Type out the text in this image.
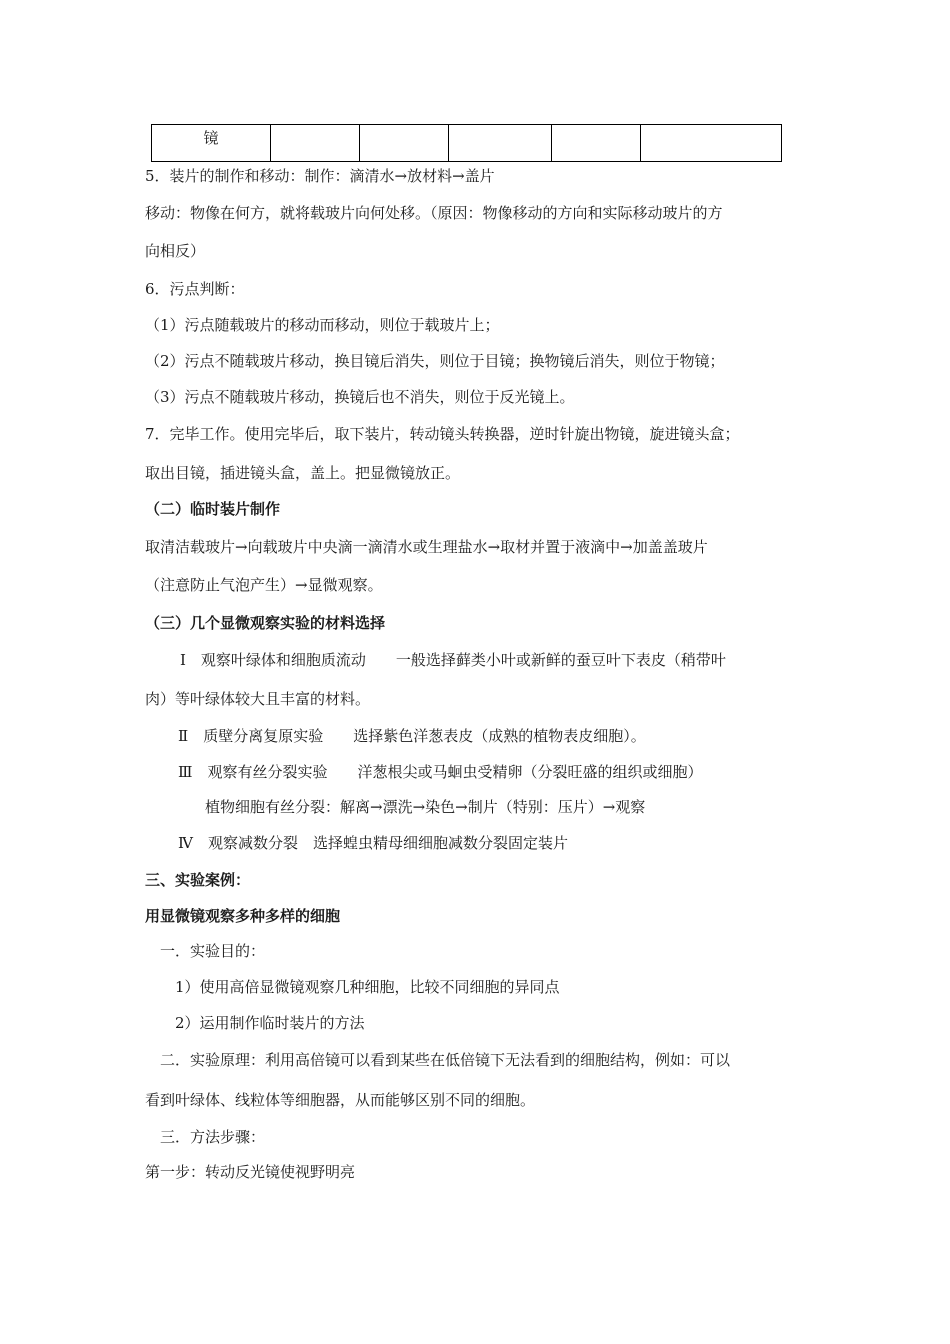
镜					
5．装片的制作和移动：制作：滴清水→放材料→盖片
移动：物像在何方，就将载玻片向何处移。（原因：物像移动的方向和实际移动玻片的方
向相反）
6．污点判断：
（1）污点随载玻片的移动而移动，则位于载玻片上；
（2）污点不随载玻片移动，换目镜后消失，则位于目镜；换物镜后消失，则位于物镜；
（3）污点不随载玻片移动，换镜后也不消失，则位于反光镜上。
7．完毕工作。使用完毕后，取下装片，转动镜头转换器，逆时针旋出物镜，旋进镜头盒；
取出目镜，插进镜头盒，盖上。把显微镜放正。
（二）临时装片制作
取清洁载玻片→向载玻片中央滴一滴清水或生理盐水→取材并置于液滴中→加盖盖玻片
（注意防止气泡产生）→显微观察。
（三）几个显微观察实验的材料选择
Ⅰ　观察叶绿体和细胞质流动　　一般选择藓类小叶或新鲜的蚕豆叶下表皮（稍带叶
肉）等叶绿体较大且丰富的材料。
Ⅱ　质壁分离复原实验　　选择紫色洋葱表皮（成熟的植物表皮细胞）。
Ⅲ　观察有丝分裂实验　　洋葱根尖或马蛔虫受精卵（分裂旺盛的组织或细胞）
植物细胞有丝分裂：解离→漂洗→染色→制片（特别：压片）→观察
Ⅳ　观察减数分裂　选择蝗虫精母细细胞减数分裂固定装片
三、实验案例：
用显微镜观察多种多样的细胞
一．实验目的：
1）使用高倍显微镜观察几种细胞，比较不同细胞的异同点
2）运用制作临时装片的方法
二．实验原理：利用高倍镜可以看到某些在低倍镜下无法看到的细胞结构，例如：可以
看到叶绿体、线粒体等细胞器，从而能够区别不同的细胞。
三．方法步骤：
第一步：转动反光镜使视野明亮
